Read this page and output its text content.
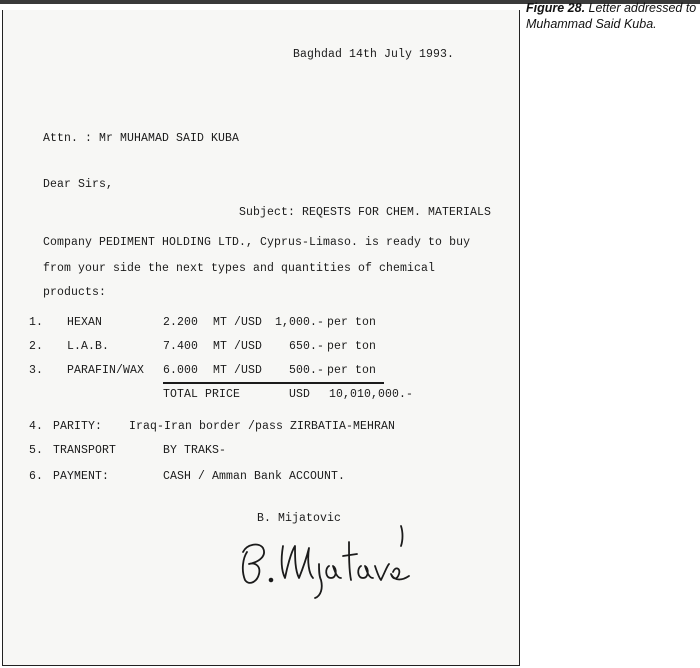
Baghdad 14th July 1993.
Attn. : Mr MUHAMAD SAID KUBA
Dear Sirs,
Subject: REQESTS FOR CHEM. MATERIALS
Company PEDIMENT HOLDING LTD., Cyprus-Limaso. is ready to buy
from your side the next types and quantities of chemical
products:
1. HEXAN	2.200 MT /USD 1,000.- per ton
2. L.A.B.	7.400 MT /USD 650.- per ton
3. PARAFIN/WAX 6.000 MT /USD 500.- per ton
TOTAL PRICE	USD 10,010,000.-
4. PARITY: Iraq-Iran border /pass ZIRBATIA-MEHRAN
5. TRANSPORT	BY TRAKS-
6. PAYMENT:	CASH / Amman Bank ACCOUNT.
B. Mijatovic
Figure 28. Letter addressed to Muhammad Said Kuba.
